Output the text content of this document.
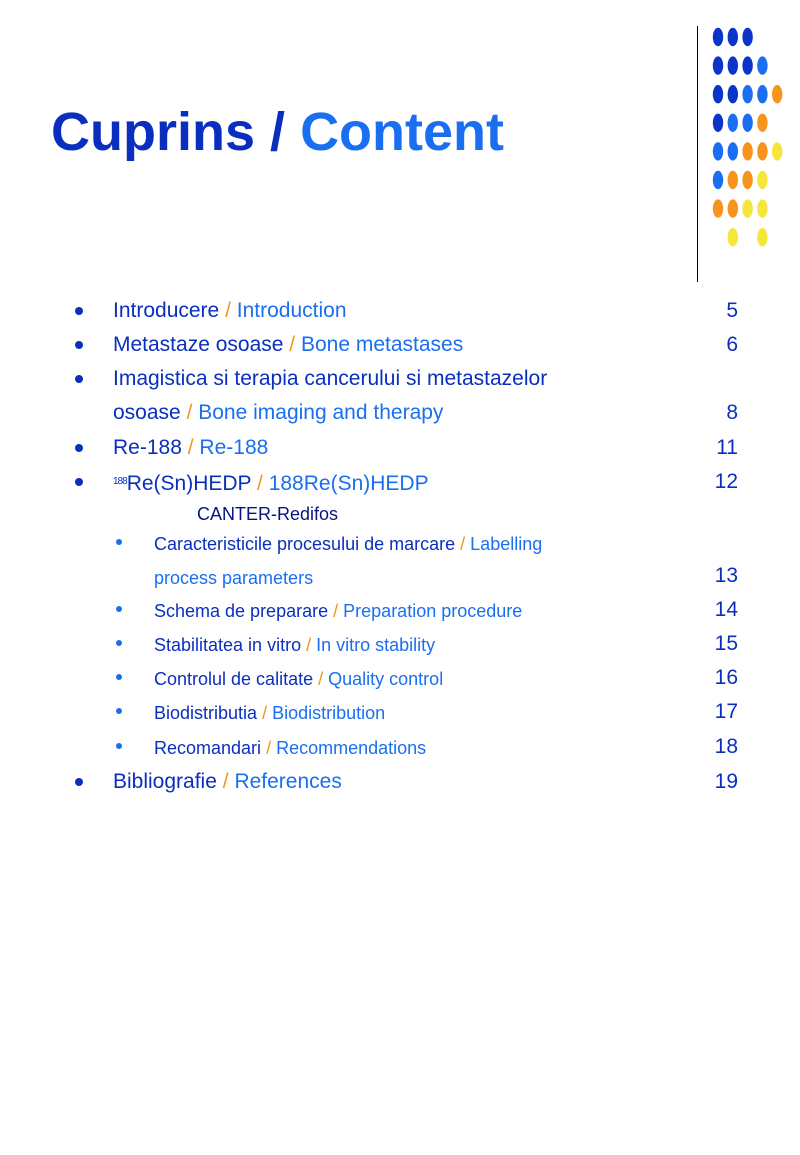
Cuprins / Content
Introducere / Introduction	5
Metastaze osoase / Bone metastases	6
Imagistica si terapia cancerului si metastazelor
osoase / Bone imaging and therapy	8
Re-188 / Re-188	11
$^{188}$Re(Sn)HEDP / 188Re(Sn)HEDP	12
CANTER-Redifos
Caracteristicile procesului de marcare / Labelling
process parameters	13
Schema de preparare / Preparation procedure	14
Stabilitatea in vitro / In vitro stability	15
Controlul de calitate / Quality control	16
Biodistributia / Biodistribution	17
Recomandari / Recommendations	18
Bibliografie / References	19
